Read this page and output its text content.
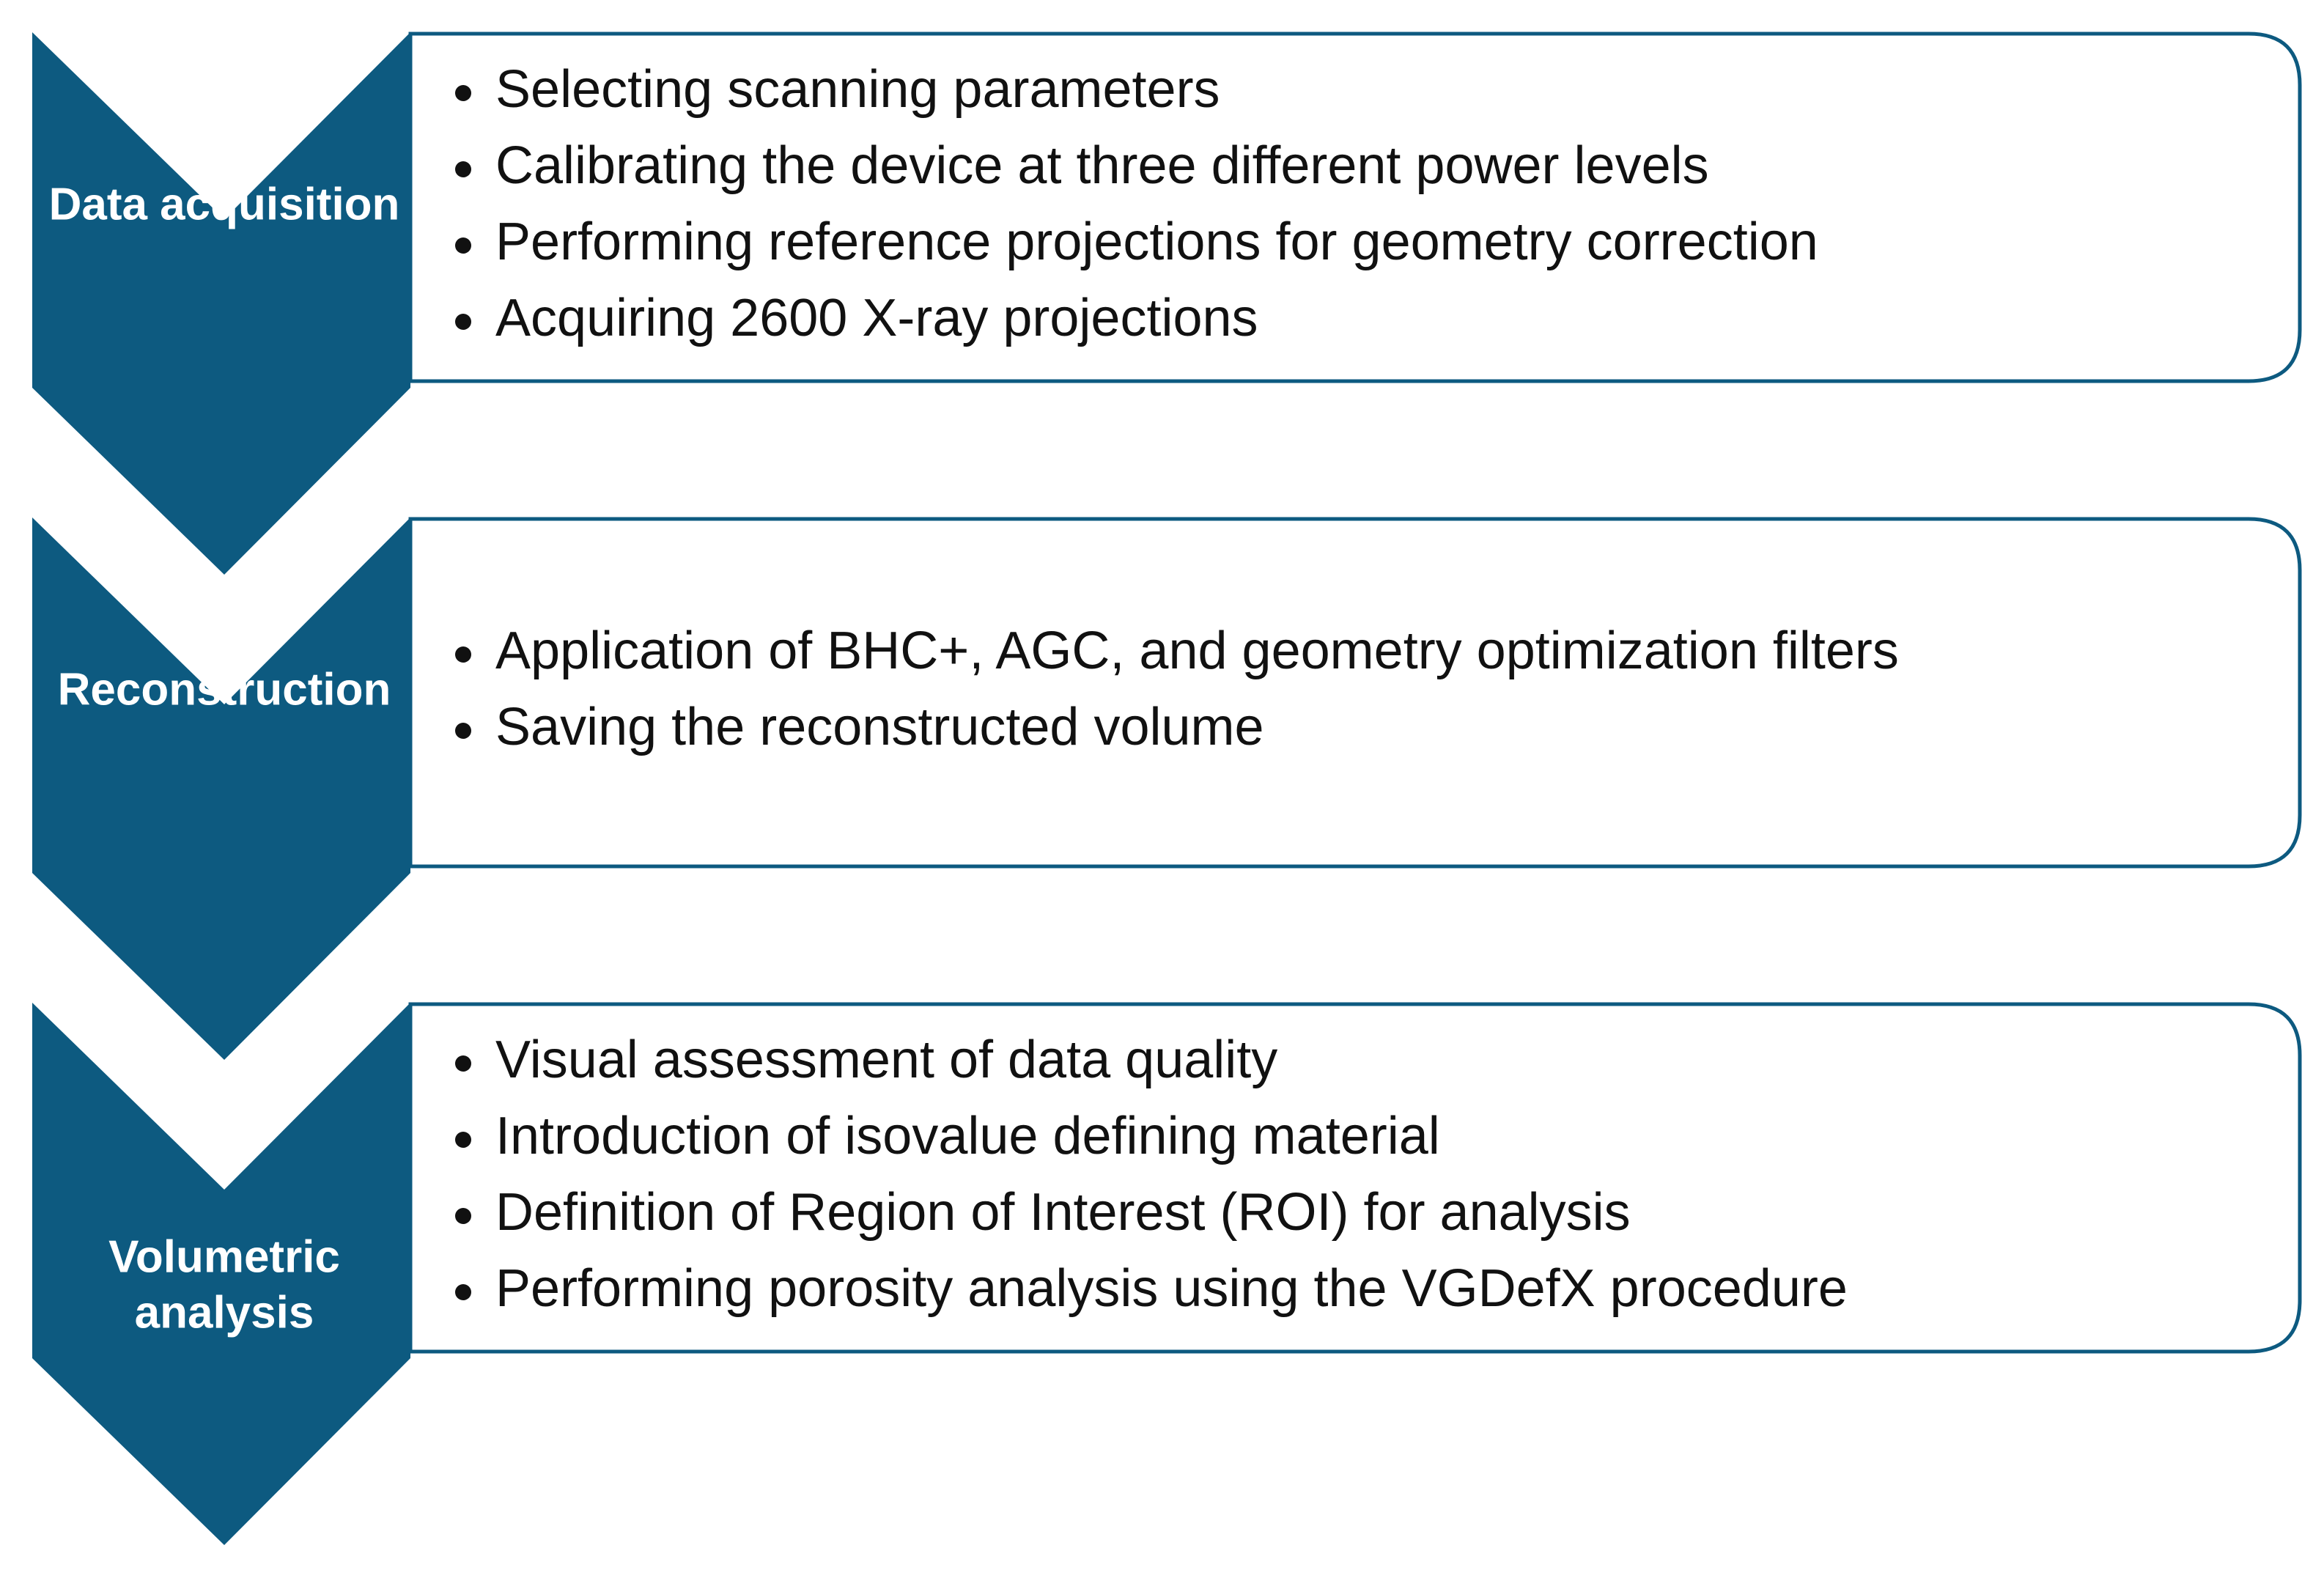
Data acquisition
Selecting scanning parameters
Calibrating the device at three different power levels
Performing reference projections for geometry correction
Acquiring 2600 X-ray projections
Reconstruction
Application of BHC+, AGC, and geometry optimization filters
Saving the reconstructed volume
Volumetric
analysis
Visual assessment of data quality
Introduction of isovalue defining material
Definition of Region of Interest (ROI) for analysis
Performing porosity analysis using the VGDefX procedure
